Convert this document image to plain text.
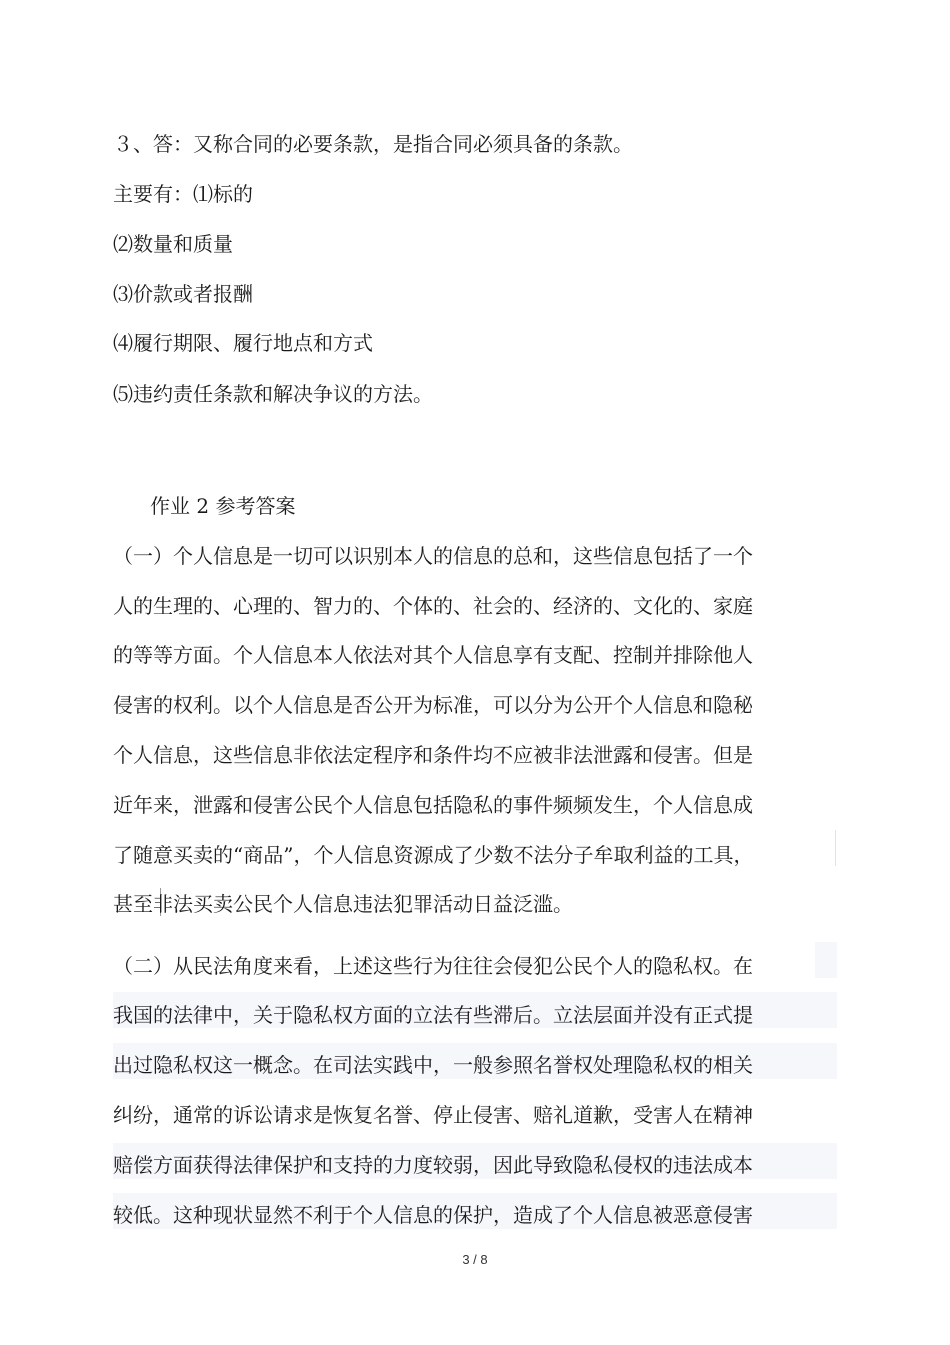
３、答：又称合同的必要条款，是指合同必须具备的条款。
主要有：⑴标的
⑵数量和质量
⑶价款或者报酬
⑷履行期限、履行地点和方式
⑸违约责任条款和解决争议的方法。
作业 2 参考答案
（一）个人信息是一切可以识别本人的信息的总和，这些信息包括了一个
人的生理的、心理的、智力的、个体的、社会的、经济的、文化的、家庭
的等等方面。个人信息本人依法对其个人信息享有支配、控制并排除他人
侵害的权利。以个人信息是否公开为标准，可以分为公开个人信息和隐秘
个人信息，这些信息非依法定程序和条件均不应被非法泄露和侵害。但是
近年来，泄露和侵害公民个人信息包括隐私的事件频频发生，个人信息成
了随意买卖的“商品”，个人信息资源成了少数不法分子牟取利益的工具，
甚至非法买卖公民个人信息违法犯罪活动日益泛滥。
（二）从民法角度来看，上述这些行为往往会侵犯公民个人的隐私权。在
我国的法律中，关于隐私权方面的立法有些滞后。立法层面并没有正式提
出过隐私权这一概念。在司法实践中，一般参照名誉权处理隐私权的相关
纠纷，通常的诉讼请求是恢复名誉、停止侵害、赔礼道歉，受害人在精神
赔偿方面获得法律保护和支持的力度较弱，因此导致隐私侵权的违法成本
较低。这种现状显然不利于个人信息的保护，造成了个人信息被恶意侵害
3 / 8
